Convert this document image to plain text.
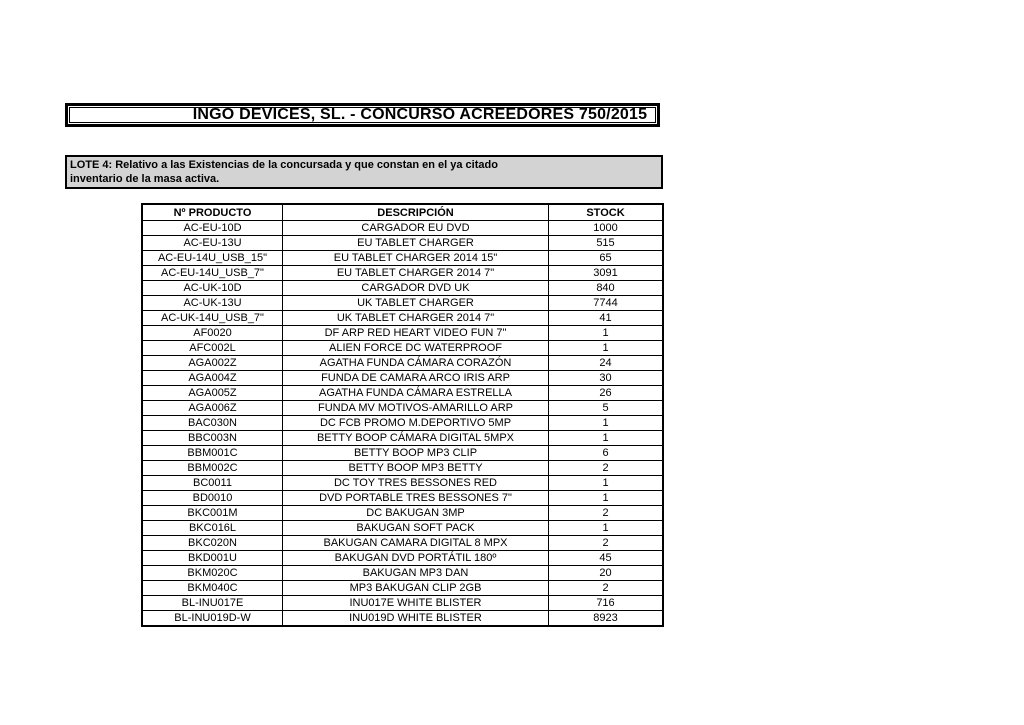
INGO DEVICES, SL. - CONCURSO ACREEDORES 750/2015
LOTE 4: Relativo a las Existencias de la concursada y que constan en el ya citado
inventario de la masa activa.
Nº PRODUCTO	DESCRIPCIÓN	STOCK
AC-EU-10D	CARGADOR EU DVD	1000
AC-EU-13U	EU TABLET CHARGER	515
AC-EU-14U_USB_15"	EU TABLET CHARGER 2014 15"	65
AC-EU-14U_USB_7"	EU TABLET CHARGER 2014 7"	3091
AC-UK-10D	CARGADOR DVD UK	840
AC-UK-13U	UK TABLET CHARGER	7744
AC-UK-14U_USB_7"	UK TABLET CHARGER 2014 7"	41
AF0020	DF ARP RED HEART VIDEO FUN 7"	1
AFC002L	ALIEN FORCE DC WATERPROOF	1
AGA002Z	AGATHA FUNDA CÁMARA CORAZÓN	24
AGA004Z	FUNDA DE CAMARA ARCO IRIS ARP	30
AGA005Z	AGATHA FUNDA CÁMARA ESTRELLA	26
AGA006Z	FUNDA MV MOTIVOS-AMARILLO ARP	5
BAC030N	DC FCB PROMO M.DEPORTIVO 5MP	1
BBC003N	BETTY BOOP CÁMARA DIGITAL 5MPX	1
BBM001C	BETTY BOOP MP3 CLIP	6
BBM002C	BETTY BOOP MP3 BETTY	2
BC0011	DC TOY TRES BESSONES RED	1
BD0010	DVD PORTABLE TRES BESSONES 7"	1
BKC001M	DC BAKUGAN 3MP	2
BKC016L	BAKUGAN SOFT PACK	1
BKC020N	BAKUGAN CAMARA DIGITAL 8 MPX	2
BKD001U	BAKUGAN DVD PORTÁTIL 180º	45
BKM020C	BAKUGAN MP3 DAN	20
BKM040C	MP3 BAKUGAN CLIP 2GB	2
BL-INU017E	INU017E WHITE BLISTER	716
BL-INU019D-W	INU019D WHITE BLISTER	8923
